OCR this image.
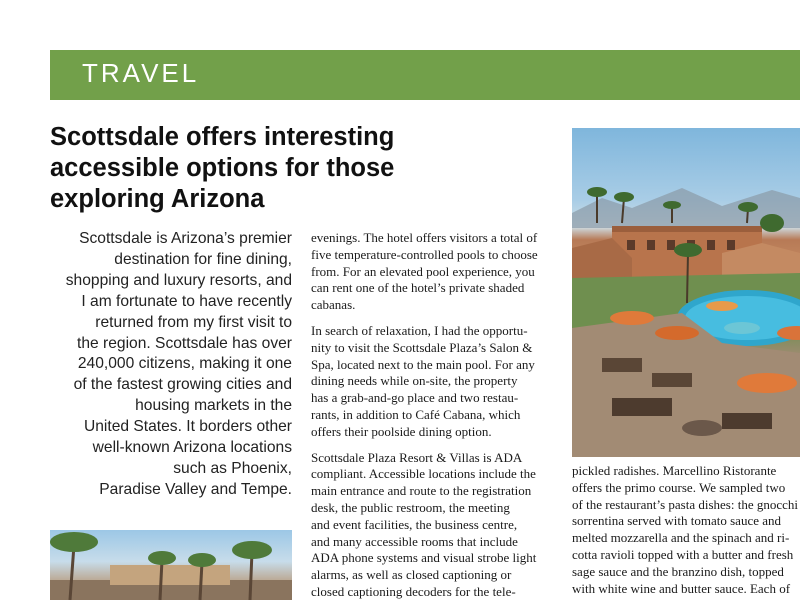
TRAVEL
Scottsdale offers interesting accessible options for those exploring Arizona
Scottsdale is Arizona’s premier
destination for fine dining,
shopping and luxury resorts, and
I am fortunate to have recently
returned from my first visit to
the region. Scottsdale has over
240,000 citizens, making it one
of the fastest growing cities and
housing markets in the
United States. It borders other
well-known Arizona locations
such as Phoenix,
Paradise Valley and Tempe.

evenings. The hotel offers visitors a total of
five temperature-controlled pools to choose
from. For an elevated pool experience, you
can rent one of the hotel’s private shaded
cabanas.

In search of relaxation, I had the opportu-
nity to visit the Scottsdale Plaza’s Salon &
Spa, located next to the main pool. For any
dining needs while on-site, the property
has a grab-and-go place and two restau-
rants, in addition to Café Cabana, which
offers their poolside dining option.

Scottsdale Plaza Resort & Villas is ADA
compliant. Accessible locations include the
main entrance and route to the registration
desk, the public restroom, the meeting
and event facilities, the business centre,
and many accessible rooms that include
ADA phone systems and visual strobe light
alarms, as well as closed captioning or
closed captioning decoders for the tele-

pickled radishes. Marcellino Ristorante
offers the primo course. We sampled two
of the restaurant’s pasta dishes: the gnocchi
sorrentina served with tomato sauce and
melted mozzarella and the spinach and ri-
cotta ravioli topped with a butter and fresh
sage sauce and the branzino dish, topped
with white wine and butter sauce. Each of
